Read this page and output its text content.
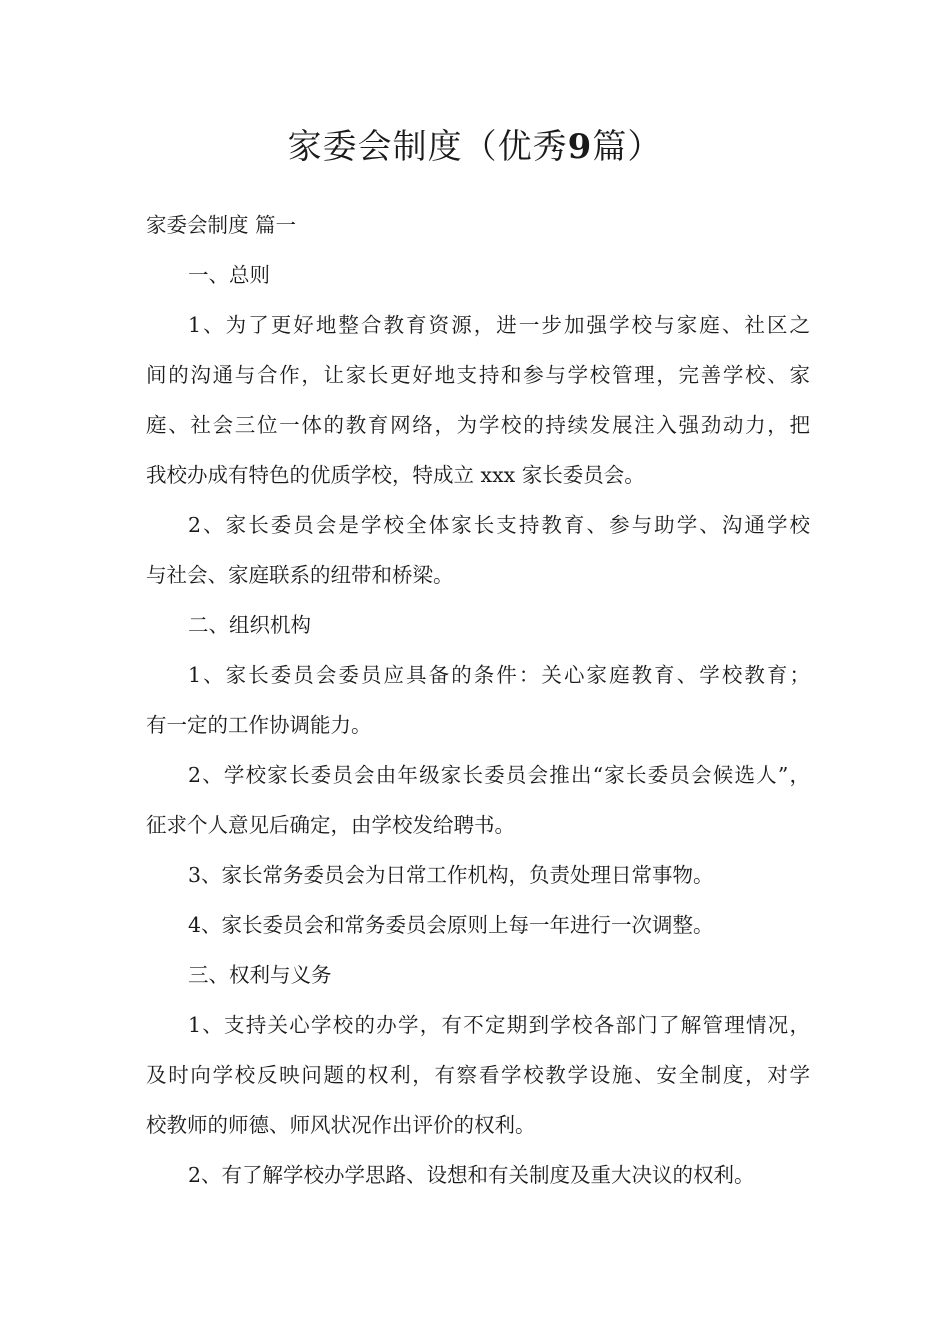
家委会制度（优秀9篇）
家委会制度 篇一
一、总则
1、为了更好地整合教育资源，进一步加强学校与家庭、社区之
间的沟通与合作，让家长更好地支持和参与学校管理，完善学校、家
庭、社会三位一体的教育网络，为学校的持续发展注入强劲动力，把
我校办成有特色的优质学校，特成立 xxx 家长委员会。
2、家长委员会是学校全体家长支持教育、参与助学、沟通学校
与社会、家庭联系的纽带和桥梁。
二、组织机构
1、家长委员会委员应具备的条件：关心家庭教育、学校教育；
有一定的工作协调能力。
2、学校家长委员会由年级家长委员会推出“家长委员会候选人”，
征求个人意见后确定，由学校发给聘书。
3、家长常务委员会为日常工作机构，负责处理日常事物。
4、家长委员会和常务委员会原则上每一年进行一次调整。
三、权利与义务
1、支持关心学校的办学，有不定期到学校各部门了解管理情况，
及时向学校反映问题的权利，有察看学校教学设施、安全制度，对学
校教师的师德、师风状况作出评价的权利。
2、有了解学校办学思路、设想和有关制度及重大决议的权利。
